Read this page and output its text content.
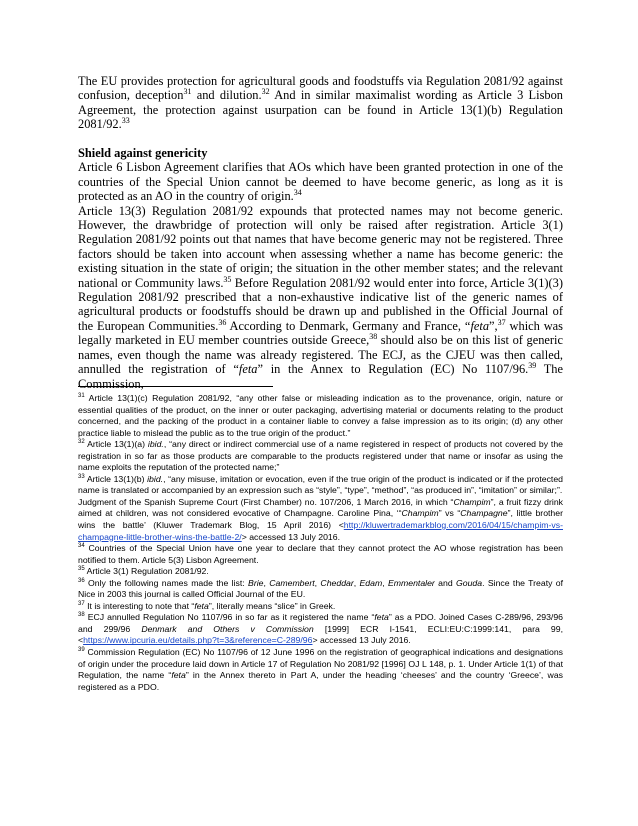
The EU provides protection for agricultural goods and foodstuffs via Regulation 2081/92 against confusion, deception$^{31}$ and dilution.$^{32}$ And in similar maximalist wording as Article 3 Lisbon Agreement, the protection against usurpation can be found in Article 13(1)(b) Regulation 2081/92.33

Shield against genericity

Article 6 Lisbon Agreement clarifies that AOs which have been granted protection in one of the countries of the Special Union cannot be deemed to have become generic, as long as it is protected as an AO in the country of origin.$^{34}$

Article 13(3) Regulation 2081/92 expounds that protected names may not become generic. However, the drawbridge of protection will only be raised after registration. Article 3(1) Regulation 2081/92 points out that names that have become generic may not be registered. Three factors should be taken into account when assessing whether a name has become generic: the existing situation in the state of origin; the situation in the other member states; and the relevant national or Community laws.$^{35}$ Before Regulation 2081/92 would enter into force, Article 3(1)(3) Regulation 2081/92 prescribed that a non-exhaustive indicative list of the generic names of agricultural products or foodstuffs should be drawn up and published in the Official Journal of the European Communities.$^{36}$ According to Denmark, Germany and France, “feta”,$^{37}$ which was legally marketed in EU member countries outside Greece,$^{38}$ should also be on this list of generic names, even though the name was already registered. The ECJ, as the CJEU was then called, annulled the registration of “feta” in the Annex to Regulation (EC) No 1107/96.39 The Commission,

$^{31}$ Article 13(1)(c) Regulation 2081/92, “any other false or misleading indication as to the provenance, origin, nature or essential qualities of the product, on the inner or outer packaging, advertising material or documents relating to the product concerned, and the packing of the product in a container liable to convey a false impression as to its origin; (d) any other practice liable to mislead the public as to the true origin of the product.”

$^{32}$ Article 13(1)(a) ibid., “any direct or indirect commercial use of a name registered in respect of products not covered by the registration in so far as those products are comparable to the products registered under that name or insofar as using the name exploits the reputation of the protected name;”

$^{33}$ Article 13(1)(b) ibid., “any misuse, imitation or evocation, even if the true origin of the product is indicated or if the protected name is translated or accompanied by an expression such as “style”, “type”, “method”, “as produced in”, “imitation” or similar;”.

Judgment of the Spanish Supreme Court (First Chamber) no. 107/206, 1 March 2016, in which “Champim”, a fruit fizzy drink aimed at children, was not considered evocative of Champagne. Caroline Pina, ‘“Champim” vs “Champagne”, little brother wins the battle’ (Kluwer Trademark Blog, 15 April 2016) <http://kluwertrademarkblog.com/2016/04/15/champim-vs-champagne-little-brother-wins-the-battle-2/> accessed 13 July 2016.

$^{34}$ Countries of the Special Union have one year to declare that they cannot protect the AO whose registration has been notified to them. Article 5(3) Lisbon Agreement.

$^{35}$ Article 3(1) Regulation 2081/92.

$^{36}$ Only the following names made the list: Brie, Camembert, Cheddar, Edam, Emmentaler and Gouda. Since the Treaty of Nice in 2003 this journal is called Official Journal of the EU.

$^{37}$ It is interesting to note that “feta”, literally means “slice” in Greek.

$^{38}$ ECJ annulled Regulation No 1107/96 in so far as it registered the name “feta” as a PDO. Joined Cases C-289/96, 293/96 and 299/96 Denmark and Others v Commission [1999] ECR I-1541, ECLI:EU:C:1999:141, para 99, <https://www.ipcuria.eu/details.php?t=3&reference=C-289/96> accessed 13 July 2016.

$^{39}$ Commission Regulation (EC) No 1107/96 of 12 June 1996 on the registration of geographical indications and designations of origin under the procedure laid down in Article 17 of Regulation No 2081/92 [1996] OJ L 148, p. 1. Under Article 1(1) of that Regulation, the name “feta” in the Annex thereto in Part A, under the heading ‘cheeses’ and the country ‘Greece’, was registered as a PDO.
